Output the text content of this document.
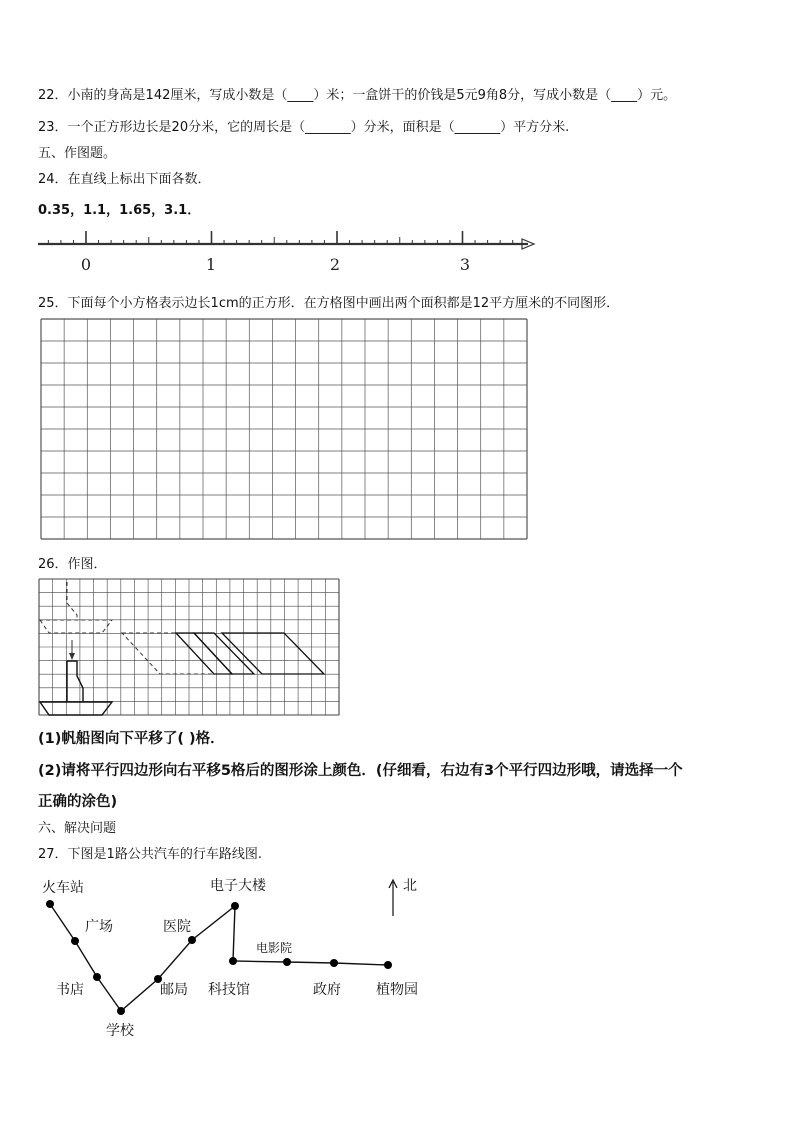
22．小南的身高是142厘米，写成小数是（____）米；一盒饼干的价钱是5元9角8分，写成小数是（____）元。
23．一个正方形边长是20分米，它的周长是（_______）分米，面积是（_______）平方分米.
五、作图题。
24．在直线上标出下面各数．
0.35，1.1，1.65，3.1．
0	1	2	3
25．下面每个小方格表示边长1cm的正方形．在方格图中画出两个面积都是12平方厘米的不同图形．
26．作图．
(1)帆船图向下平移了( )格．
(2)请将平行四边形向右平移5格后的图形涂上颜色．(仔细看，右边有3个平行四边形哦，请选择一个
正确的涂色)
六、解决问题
27．下图是1路公共汽车的行车路线图.
火车站
广场
书店
学校
邮局
医院
电子大楼
科技馆
电影院
政府	植物园
北
